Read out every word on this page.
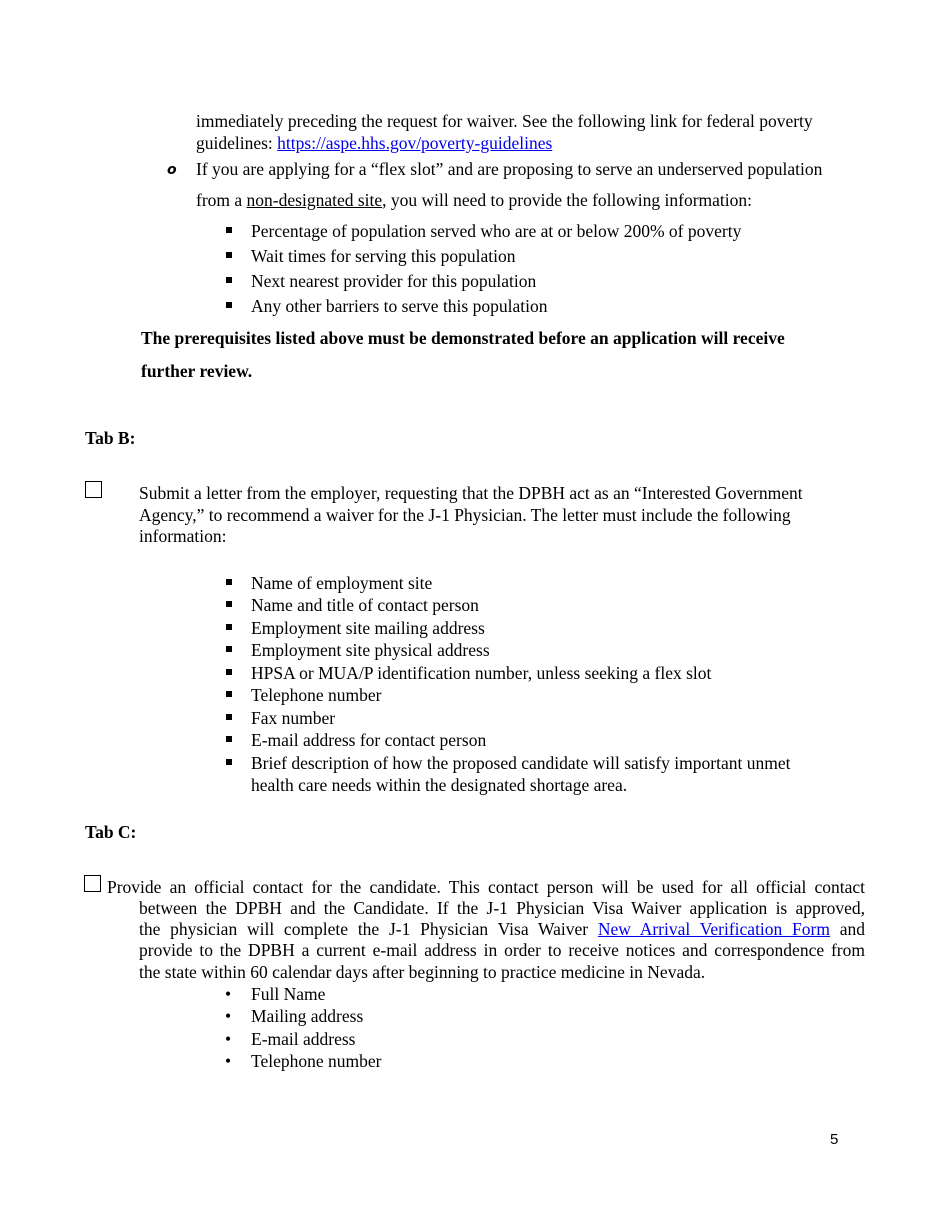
immediately preceding the request for waiver. See the following link for federal poverty
guidelines: https://aspe.hhs.gov/poverty-guidelines
o If you are applying for a “flex slot” and are proposing to serve an underserved population
from a non-designated site, you will need to provide the following information:
Percentage of population served who are at or below 200% of poverty
Wait times for serving this population
Next nearest provider for this population
Any other barriers to serve this population
The prerequisites listed above must be demonstrated before an application will receive
further review.
Tab B:
Submit a letter from the employer, requesting that the DPBH act as an “Interested Government
Agency,” to recommend a waiver for the J-1 Physician. The letter must include the following
information:
Name of employment site
Name and title of contact person
Employment site mailing address
Employment site physical address
HPSA or MUA/P identification number, unless seeking a flex slot
Telephone number
Fax number
E-mail address for contact person
Brief description of how the proposed candidate will satisfy important unmet
health care needs within the designated shortage area.
Tab C:
Provide an official contact for the candidate. This contact person will be used for all official contact
between the DPBH and the Candidate. If the J-1 Physician Visa Waiver application is approved,
the physician will complete the J-1 Physician Visa Waiver New Arrival Verification Form and
provide to the DPBH a current e-mail address in order to receive notices and correspondence from
the state within 60 calendar days after beginning to practice medicine in Nevada.
• Full Name
• Mailing address
• E-mail address
• Telephone number
5
